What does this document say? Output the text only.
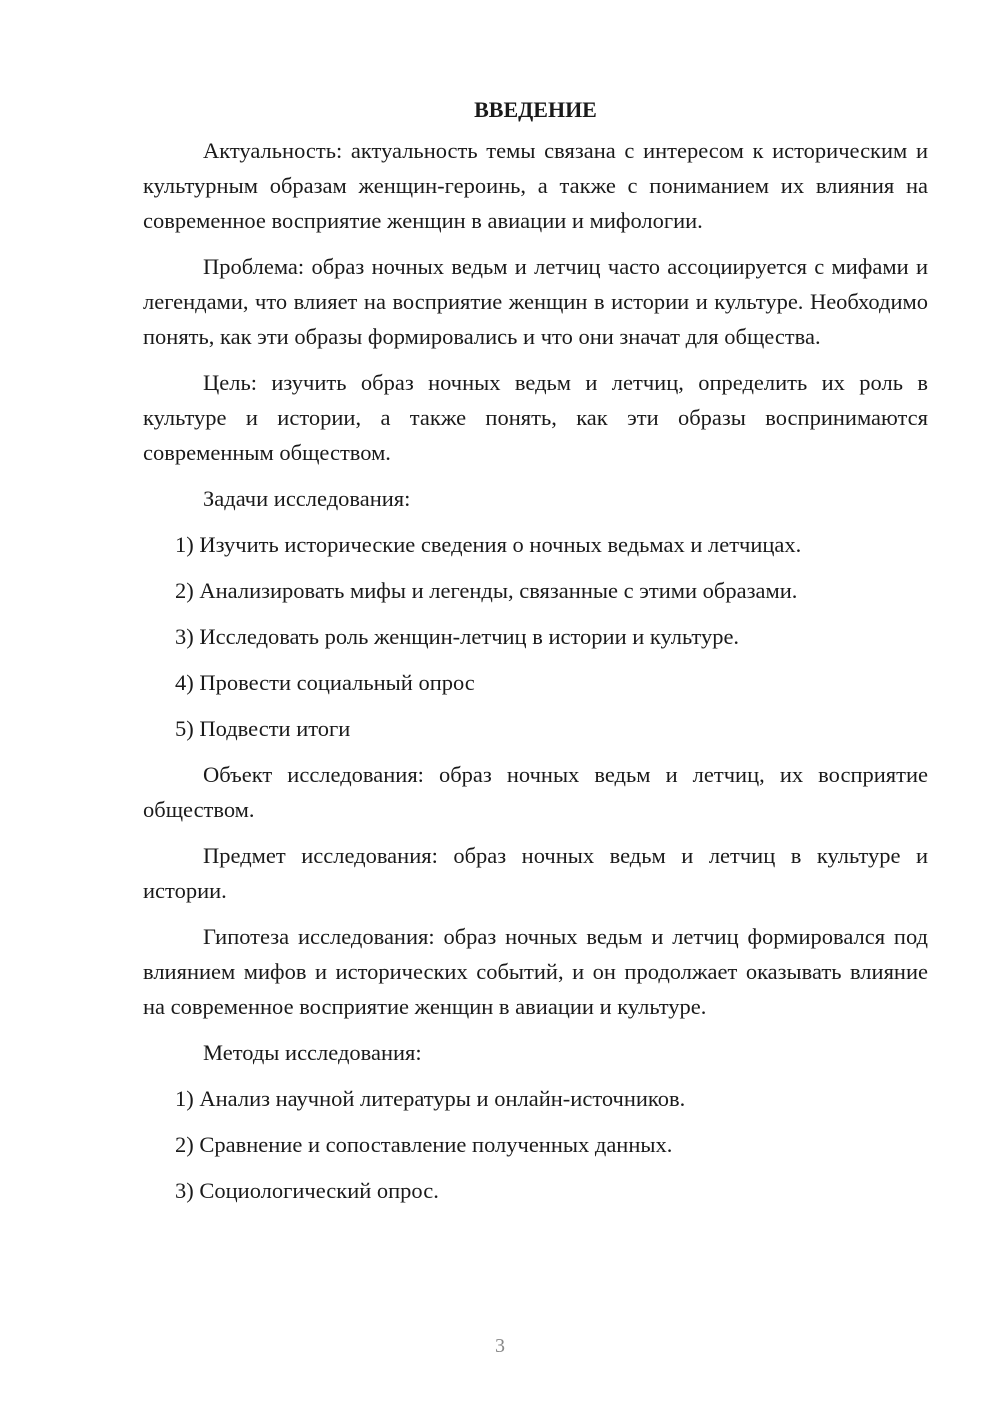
ВВЕДЕНИЕ

Актуальность: актуальность темы связана с интересом к историческим и культурным образам женщин-героинь, а также с пониманием их влияния на современное восприятие женщин в авиации и мифологии.

Проблема: образ ночных ведьм и летчиц часто ассоциируется с мифами и легендами, что влияет на восприятие женщин в истории и культуре. Необходимо понять, как эти образы формировались и что они значат для общества.

Цель: изучить образ ночных ведьм и летчиц, определить их роль в культуре и истории, а также понять, как эти образы воспринимаются современным обществом.

Задачи исследования:

1) Изучить исторические сведения о ночных ведьмах и летчицах.
2) Анализировать мифы и легенды, связанные с этими образами.
3) Исследовать роль женщин-летчиц в истории и культуре.
4) Провести социальный опрос
5) Подвести итоги

Объект исследования: образ ночных ведьм и летчиц, их восприятие обществом.

Предмет исследования: образ ночных ведьм и летчиц в культуре и истории.

Гипотеза исследования: образ ночных ведьм и летчиц формировался под влиянием мифов и исторических событий, и он продолжает оказывать влияние на современное восприятие женщин в авиации и культуре.

Методы исследования:

1) Анализ научной литературы и онлайн-источников.
2) Сравнение и сопоставление полученных данных.
3) Социологический опрос.
3
